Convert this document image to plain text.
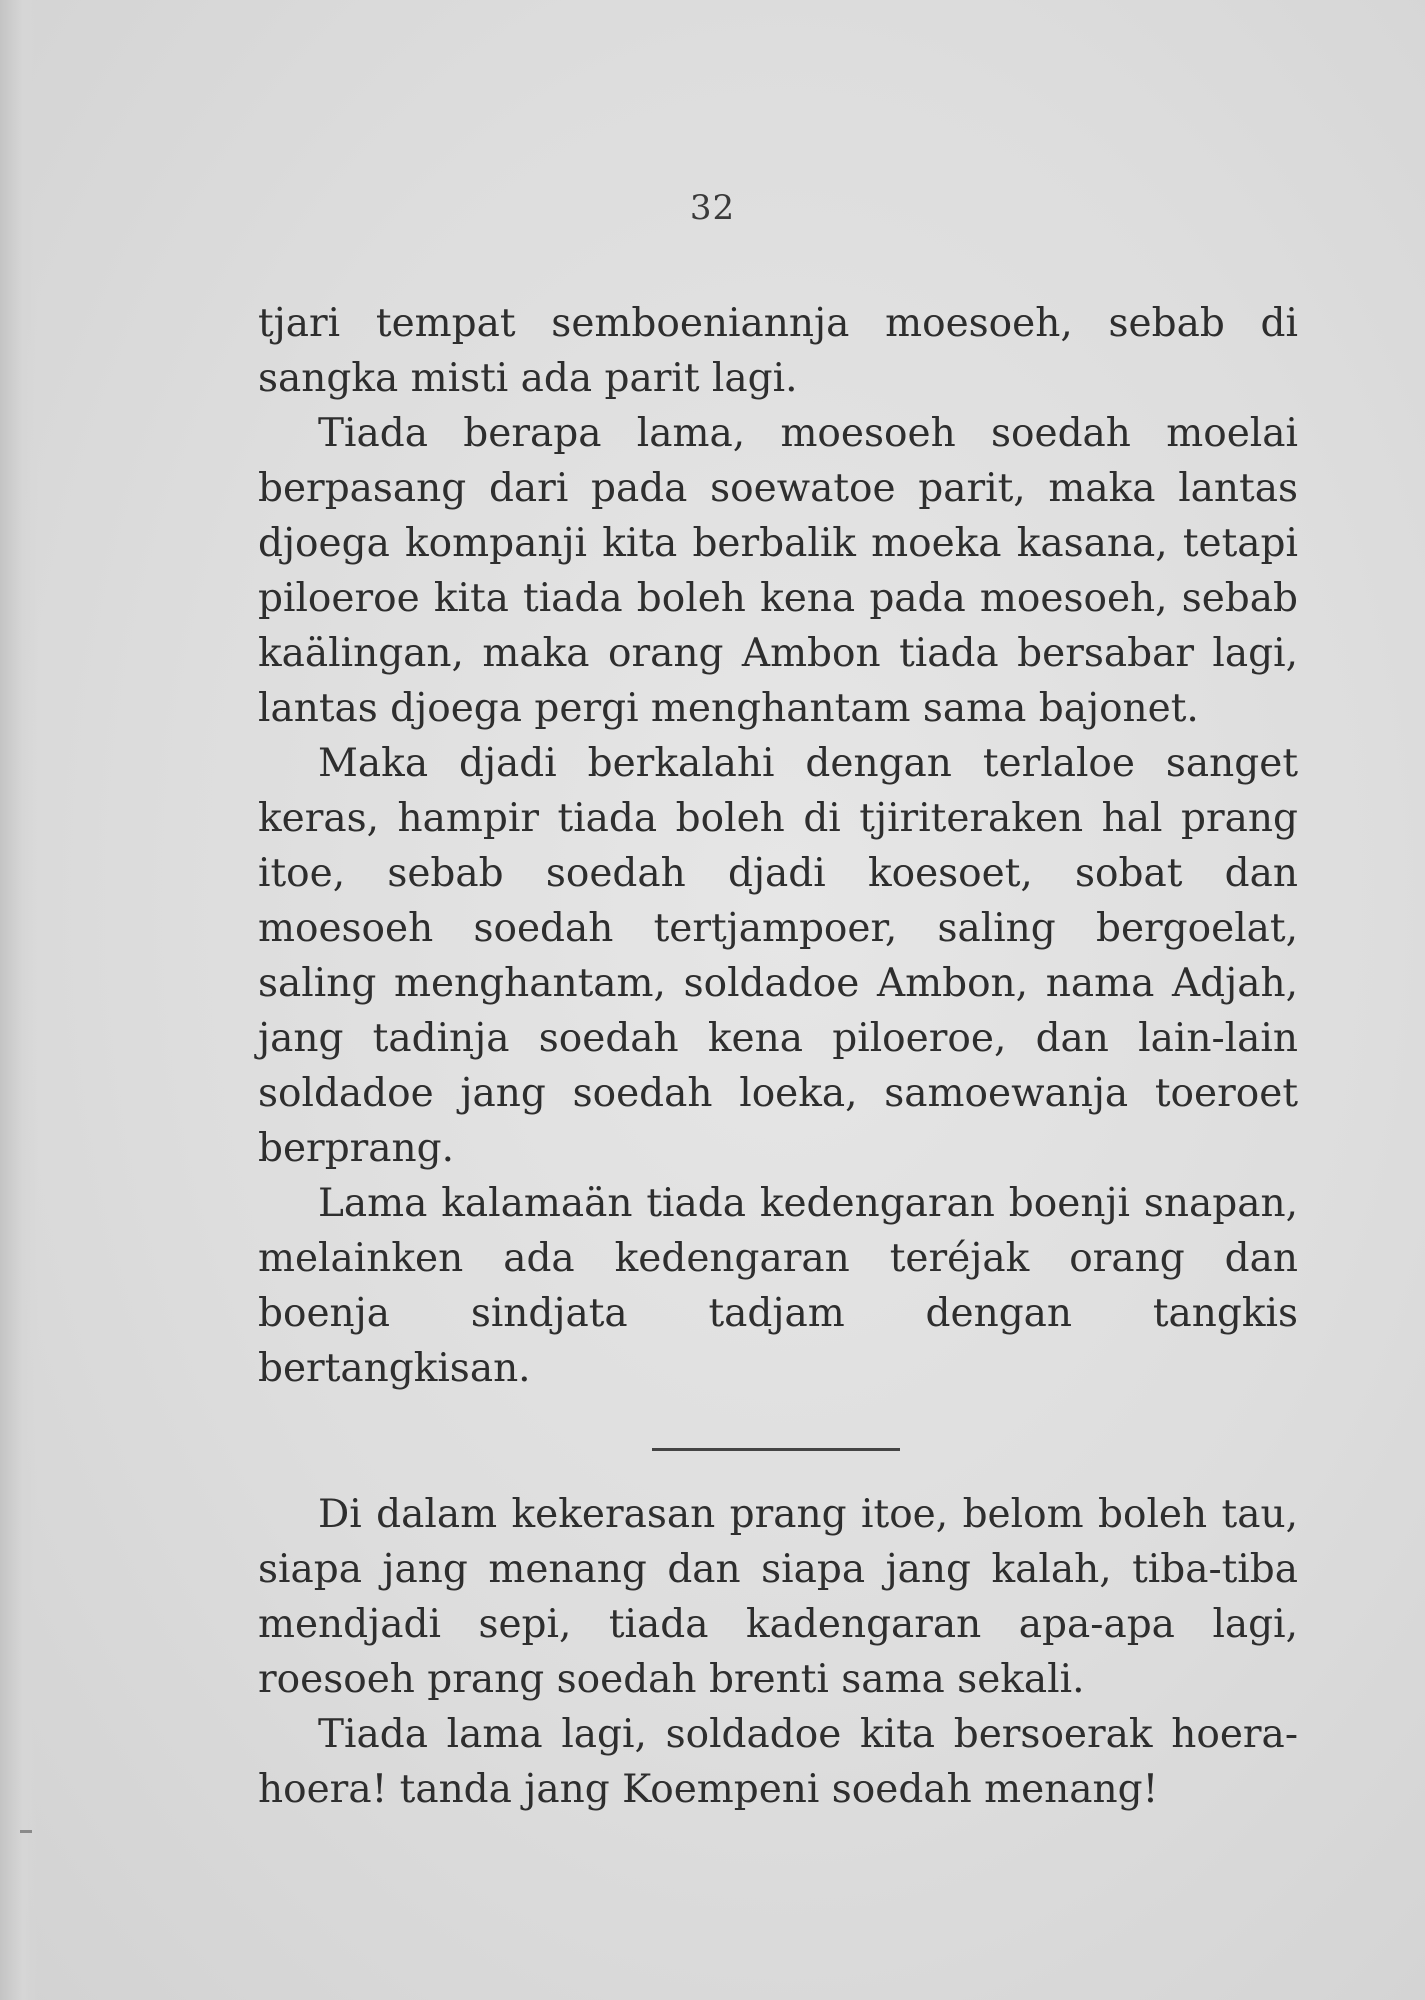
32

tjari tempat semboeniannja moesoeh, sebab di sangka misti ada parit lagi.

Tiada berapa lama, moesoeh soedah moelai berpasang dari pada soewatoe parit, maka lantas djoega kompanji kita berbalik moeka kasana, tetapi piloeroe kita tiada boleh kena pada moesoeh, sebab kaälingan, maka orang Ambon tiada bersabar lagi, lantas djoega pergi menghantam sama bajonet.

Maka djadi berkalahi dengan terlaloe sanget keras, hampir tiada boleh di tjiriteraken hal prang itoe, sebab soedah djadi koesoet, sobat dan moesoeh soedah tertjampoer, saling bergoelat, saling menghantam, soldadoe Ambon, nama Adjah, jang tadinja soedah kena piloeroe, dan lain-lain soldadoe jang soedah loeka, samoewanja toeroet berprang.

Lama kalamaän tiada kedengaran boenji snapan, melainken ada kedengaran teréjak orang dan boenja sindjata tadjam dengan tangkis bertangkisan.

Di dalam kekerasan prang itoe, belom boleh tau, siapa jang menang dan siapa jang kalah, tiba-tiba mendjadi sepi, tiada kadengaran apa-apa lagi, roesoeh prang soedah brenti sama sekali.

Tiada lama lagi, soldadoe kita bersoerak hoera-hoera! tanda jang Koempeni soedah menang!
